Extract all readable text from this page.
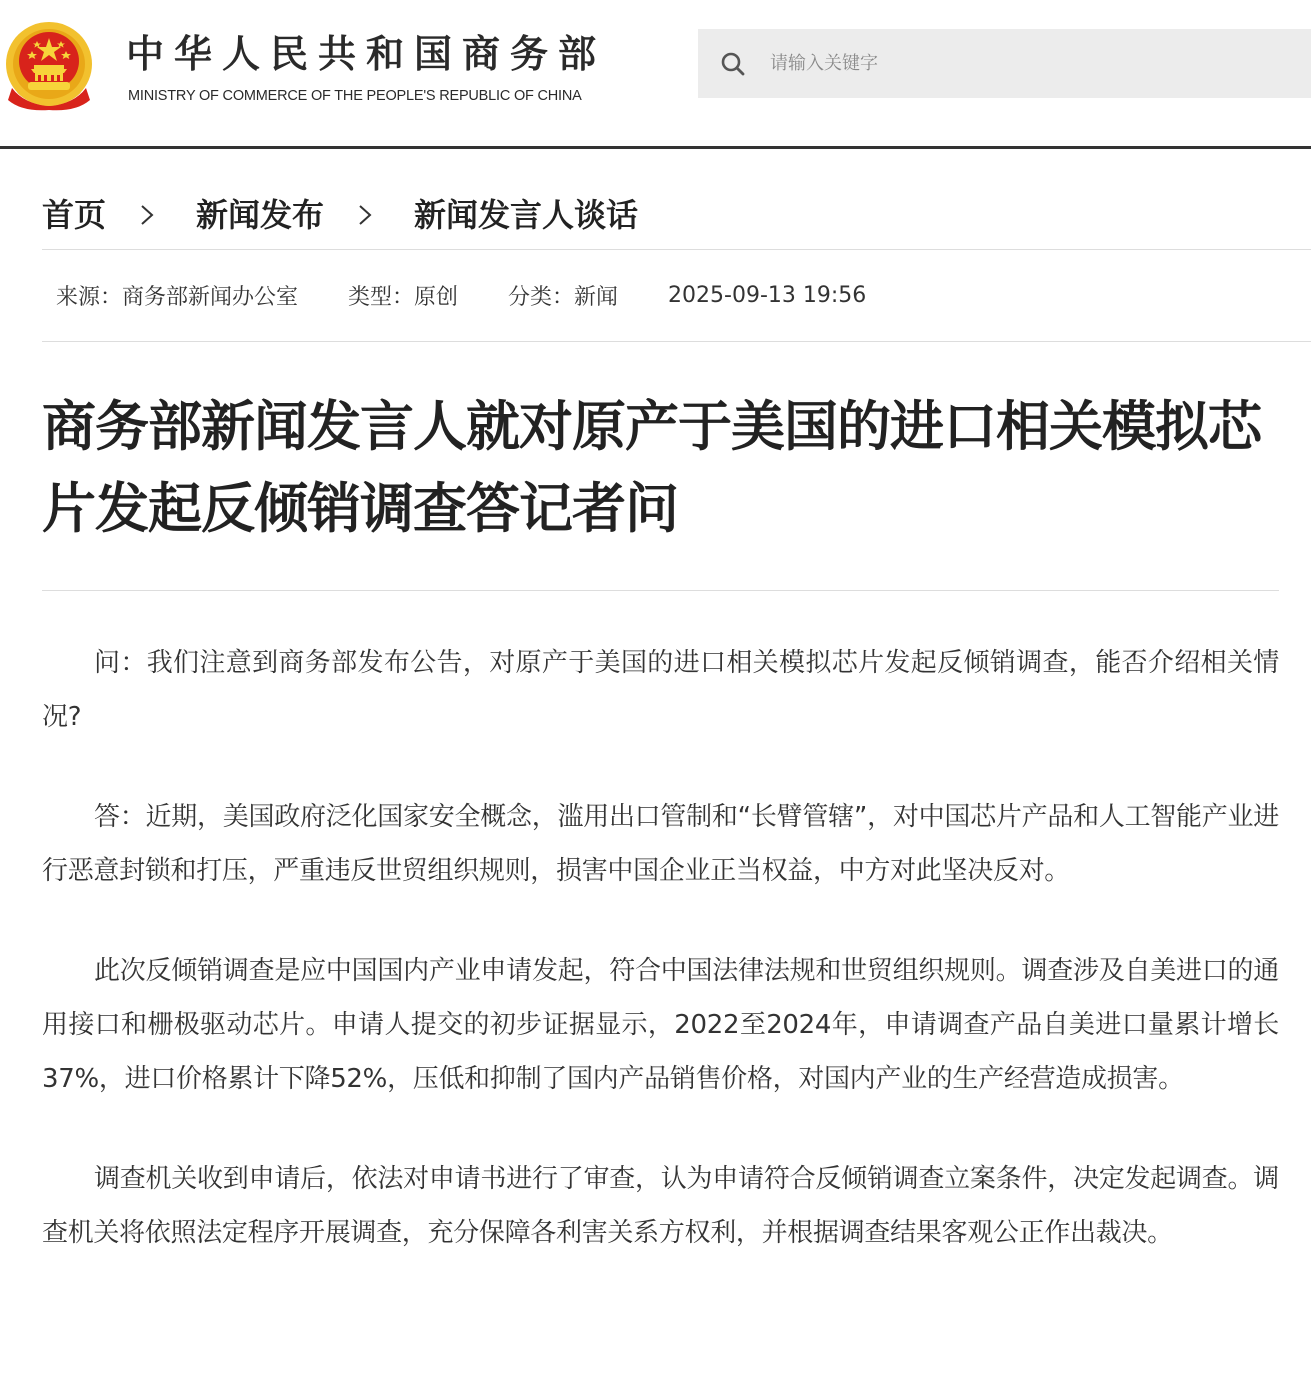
中华人民共和国商务部
MINISTRY OF COMMERCE OF THE PEOPLE'S REPUBLIC OF CHINA
请输入关键字
首页	新闻发布	新闻发言人谈话
来源：商务部新闻办公室 类型：原创 分类：新闻 2025-09-13 19:56
商务部新闻发言人就对原产于美国的进口相关模拟芯片发起反倾销调查答记者问

问：我们注意到商务部发布公告，对原产于美国的进口相关模拟芯片发起反倾销调查，能否介绍相关情况?

答：近期，美国政府泛化国家安全概念，滥用出口管制和“长臂管辖”，对中国芯片产品和人工智能产业进行恶意封锁和打压，严重违反世贸组织规则，损害中国企业正当权益，中方对此坚决反对。

此次反倾销调查是应中国国内产业申请发起，符合中国法律法规和世贸组织规则。调查涉及自美进口的通用接口和栅极驱动芯片。申请人提交的初步证据显示，2022至2024年，申请调查产品自美进口量累计增长37%，进口价格累计下降52%，压低和抑制了国内产品销售价格，对国内产业的生产经营造成损害。

调查机关收到申请后，依法对申请书进行了审查，认为申请符合反倾销调查立案条件，决定发起调查。调查机关将依照法定程序开展调查，充分保障各利害关系方权利，并根据调查结果客观公正作出裁决。
